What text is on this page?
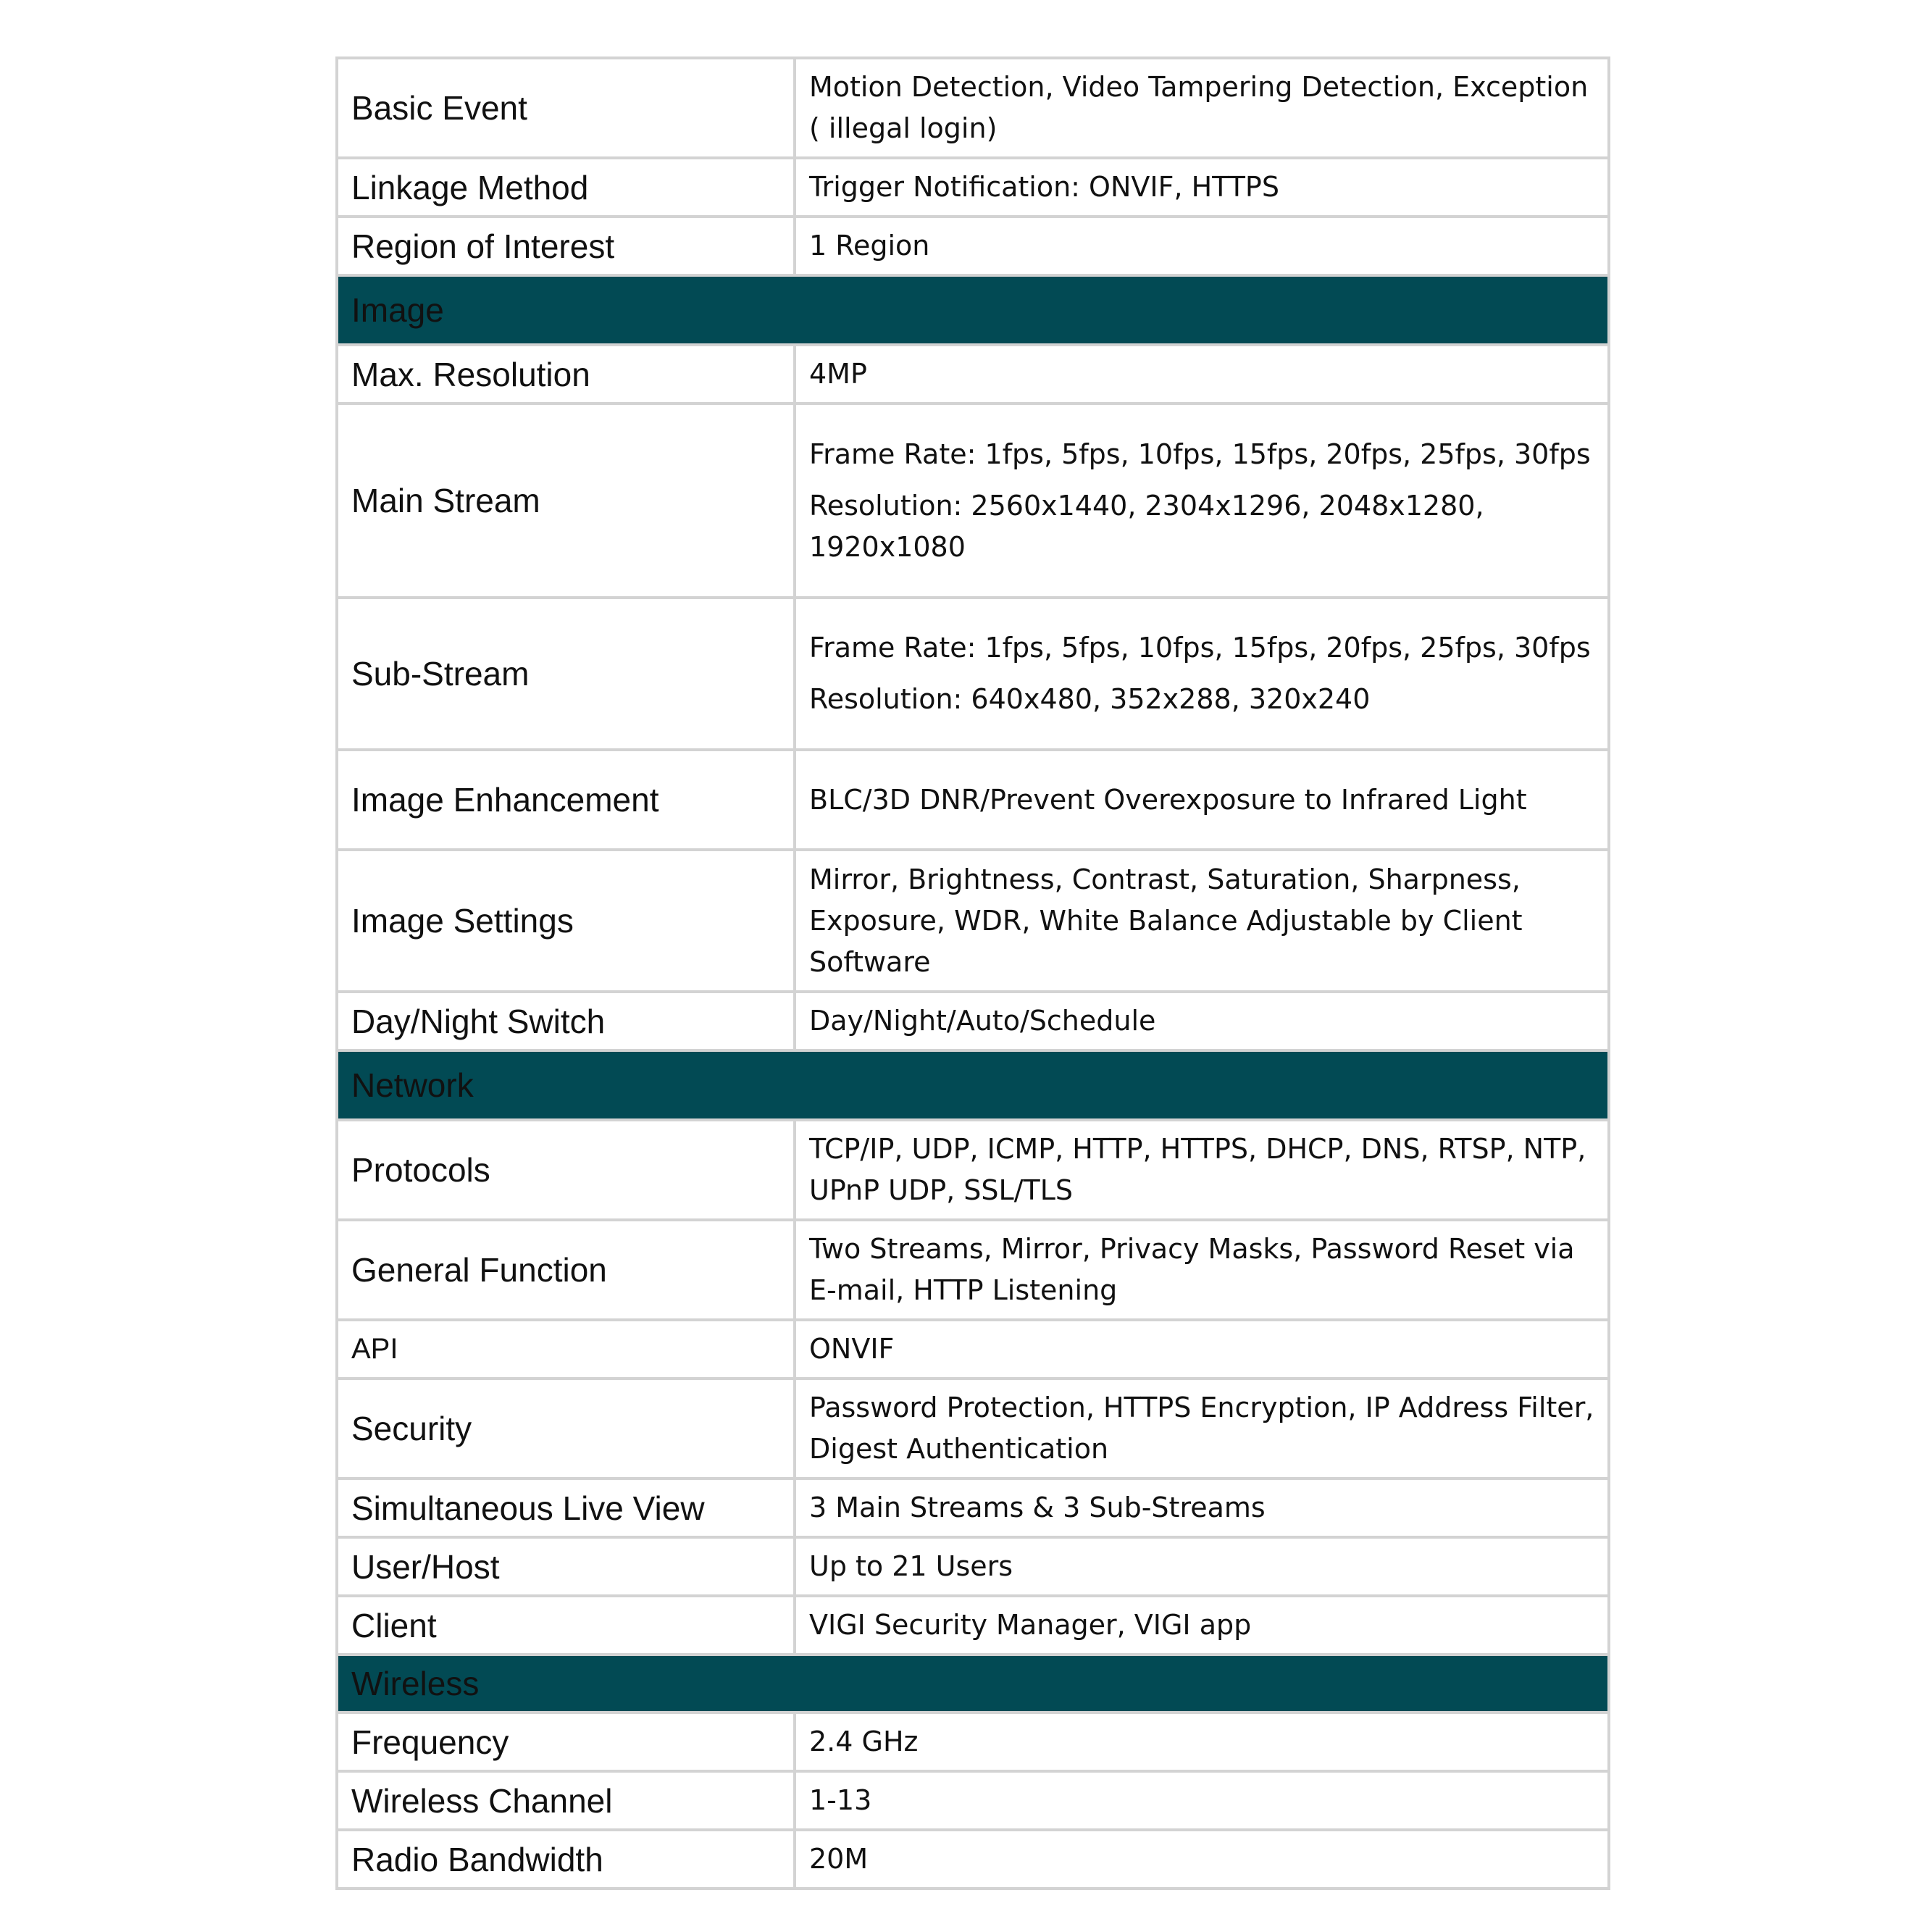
Basic Event	Motion Detection, Video Tampering Detection, Exception ( illegal login)

Linkage Method	Trigger Notification: ONVIF, HTTPS

Region of Interest	1 Region

Image	
Max. Resolution	4MP

Main Stream	Frame Rate: 1fps, 5fps, 10fps, 15fps, 20fps, 25fps, 30fps
Resolution: 2560x1440, 2304x1296, 2048x1280, 1920x1080

Sub-Stream	Frame Rate: 1fps, 5fps, 10fps, 15fps, 20fps, 25fps, 30fps
Resolution: 640x480, 352x288, 320x240

Image Enhancement	BLC/3D DNR/Prevent Overexposure to Infrared Light

Image Settings	Mirror, Brightness, Contrast, Saturation, Sharpness, Exposure, WDR, White Balance Adjustable by Client Software

Day/Night Switch	Day/Night/Auto/Schedule

Network	
Protocols	TCP/IP, UDP, ICMP, HTTP, HTTPS, DHCP, DNS, RTSP, NTP, UPnP UDP, SSL/TLS

General Function	Two Streams, Mirror, Privacy Masks, Password Reset via E-mail, HTTP Listening

API	ONVIF

Security	Password Protection, HTTPS Encryption, IP Address Filter, Digest Authentication

Simultaneous Live View	3 Main Streams & 3 Sub-Streams

User/Host	Up to 21 Users

Client	VIGI Security Manager, VIGI app

Wireless	
Frequency	2.4 GHz

Wireless Channel	1-13

Radio Bandwidth	20M
